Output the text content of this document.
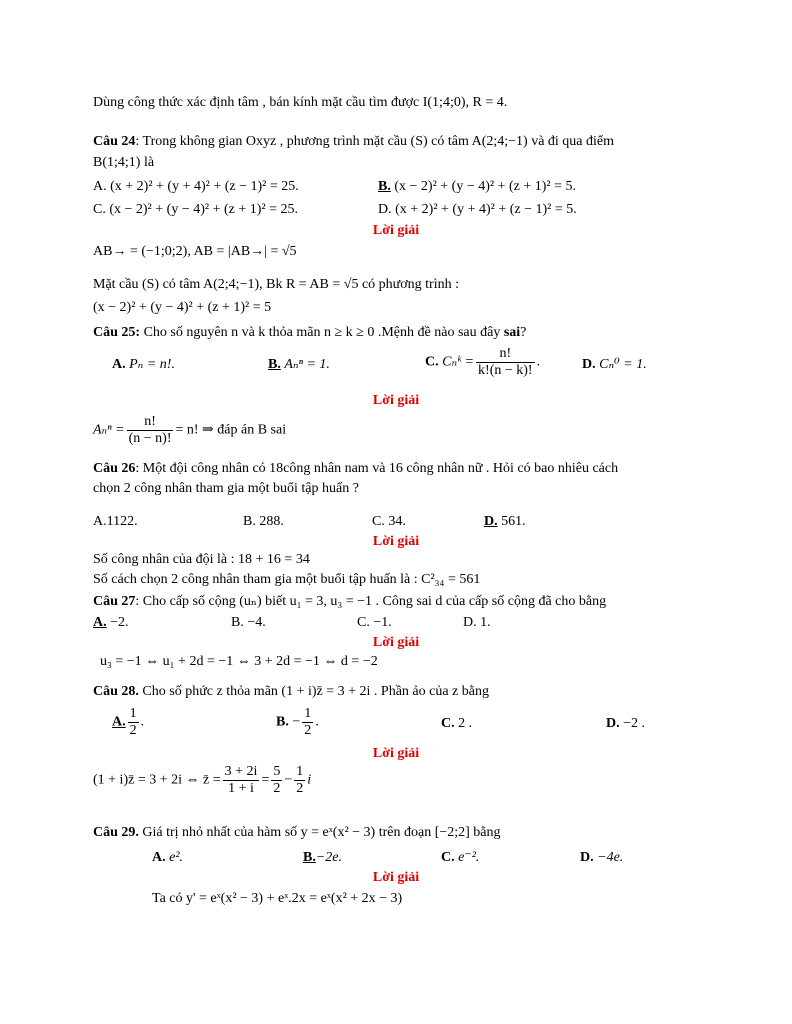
Dùng công thức xác định tâm , bán kính mặt cầu tìm được I(1;4;0), R = 4.
Câu 24: Trong không gian Oxyz , phương trình mặt cầu (S) có tâm A(2;4;−1) và đi qua điểm
B(1;4;1) là
A. (x + 2)² + (y + 4)² + (z − 1)² = 25.	B. (x − 2)² + (y − 4)² + (z + 1)² = 5.
C. (x − 2)² + (y − 4)² + (z + 1)² = 25.	D. (x + 2)² + (y + 4)² + (z − 1)² = 5.
Lời giải
AB→ = (−1;0;2), AB = |AB→| = √5
Mặt cầu (S) có tâm A(2;4;−1), Bk R = AB = √5 có phương trình :
(x − 2)² + (y − 4)² + (z + 1)² = 5
Câu 25: Cho số nguyên n và k thỏa mãn n ≥ k ≥ 0 .Mệnh đề nào sau đây sai?
A. Pₙ = n!.	B. Aₙⁿ = 1.	C. Cₙᵏ = $\frac{n!}{k!(n - k)!}$ .	D. Cₙ⁰ = 1.
Lời giải
$A_n^n = \frac{n!}{(n - n)!} = n$! ⇒ đáp án B sai
Câu 26: Một đội công nhân có 18công nhân nam và 16 công nhân nữ . Hỏi có bao nhiêu cách
chọn 2 công nhân tham gia một buổi tập huấn ?
A.1122.	B. 288.	C. 34.	D. 561.
Lời giải
Số công nhân của đội là : 18 + 16 = 34
Số cách chọn 2 công nhân tham gia một buổi tập huấn là : C²₃₄ = 561
Câu 27: Cho cấp số cộng (uₙ) biết u₁ = 3, u₃ = −1 . Công sai d của cấp số cộng đã cho bằng
A. −2.	B. −4.	C. −1.	D. 1.
Lời giải
u₃ = −1 ⇔ u₁ + 2d = −1 ⇔ 3 + 2d = −1 ⇔ d = −2
Câu 28. Cho số phức z thỏa mãn (1 + i)z̄ = 3 + 2i . Phần ảo của z bằng
A. $\frac{1}{2}$ .	B. − $\frac{1}{2}$ .	C. 2 .	D. −2 .
Lời giải
(1 + i)z̄ = 3 + 2i ⇔ z̄ = $\frac{3 + 2i}{1 + i} = \frac{5}{2} - \frac{1}{2}$ i
Câu 29. Giá trị nhỏ nhất của hàm số y = eˣ(x² − 3) trên đoạn [−2;2] bằng
A. e².	B.−2e.	C. e⁻².	D. −4e.
Lời giải
Ta có y' = eˣ(x² − 3) + eˣ.2x = eˣ(x² + 2x − 3)
